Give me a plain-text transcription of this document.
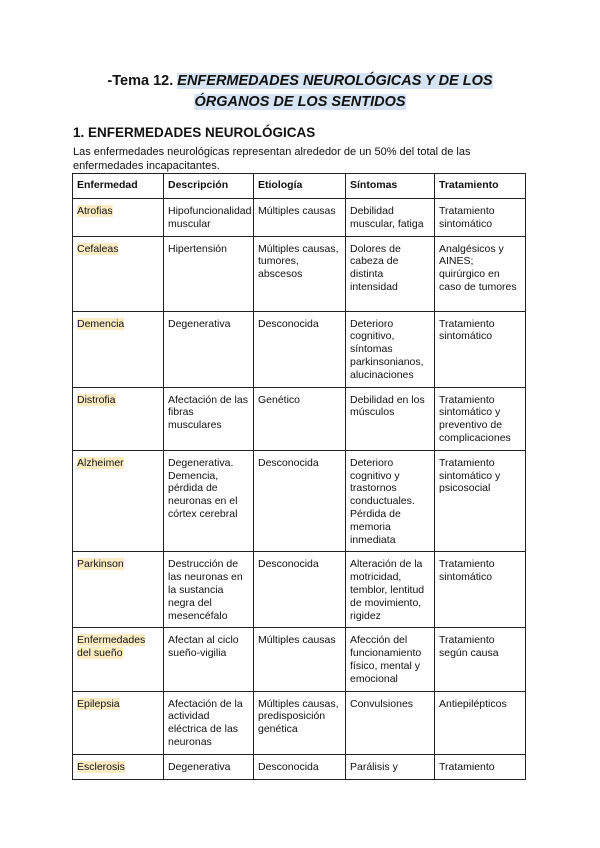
-Tema 12. ENFERMEDADES NEUROLÓGICAS Y DE LOS
ÓRGANOS DE LOS SENTIDOS
1. ENFERMEDADES NEUROLÓGICAS
Las enfermedades neurológicas representan alrededor de un 50% del total de las enfermedades incapacitantes.
Enfermedad	Descripción	Etiología	Síntomas	Tratamiento
Atrofias	Hipofuncionalidad muscular	Múltiples causas	Debilidad muscular, fatiga	Tratamiento sintomático
Cefaleas	Hipertensión	Múltiples causas, tumores, abscesos	Dolores de cabeza de distinta intensidad	Analgésicos y AINES; quirúrgico en caso de tumores
Demencia	Degenerativa	Desconocida	Deterioro cognitivo, síntomas parkinsonianos, alucinaciones	Tratamiento sintomático
Distrofia	Afectación de las fibras musculares	Genético	Debilidad en los músculos	Tratamiento sintomático y preventivo de complicaciones
Alzheimer	Degenerativa. Demencia, pérdida de neuronas en el córtex cerebral	Desconocida	Deterioro cognitivo y trastornos conductuales. Pérdida de memoria inmediata	Tratamiento sintomático y psicosocial
Parkinson	Destrucción de las neuronas en la sustancia negra del mesencéfalo	Desconocida	Alteración de la motricidad, temblor, lentitud de movimiento, rigidez	Tratamiento sintomático
Enfermedades del sueño	Afectan al ciclo sueño-vigilia	Múltiples causas	Afección del funcionamiento físico, mental y emocional	Tratamiento según causa
Epilepsia	Afectación de la actividad eléctrica de las neuronas	Múltiples causas, predisposición genética	Convulsiones	Antiepilépticos
Esclerosis	Degenerativa	Desconocida	Parálisis y	Tratamiento
